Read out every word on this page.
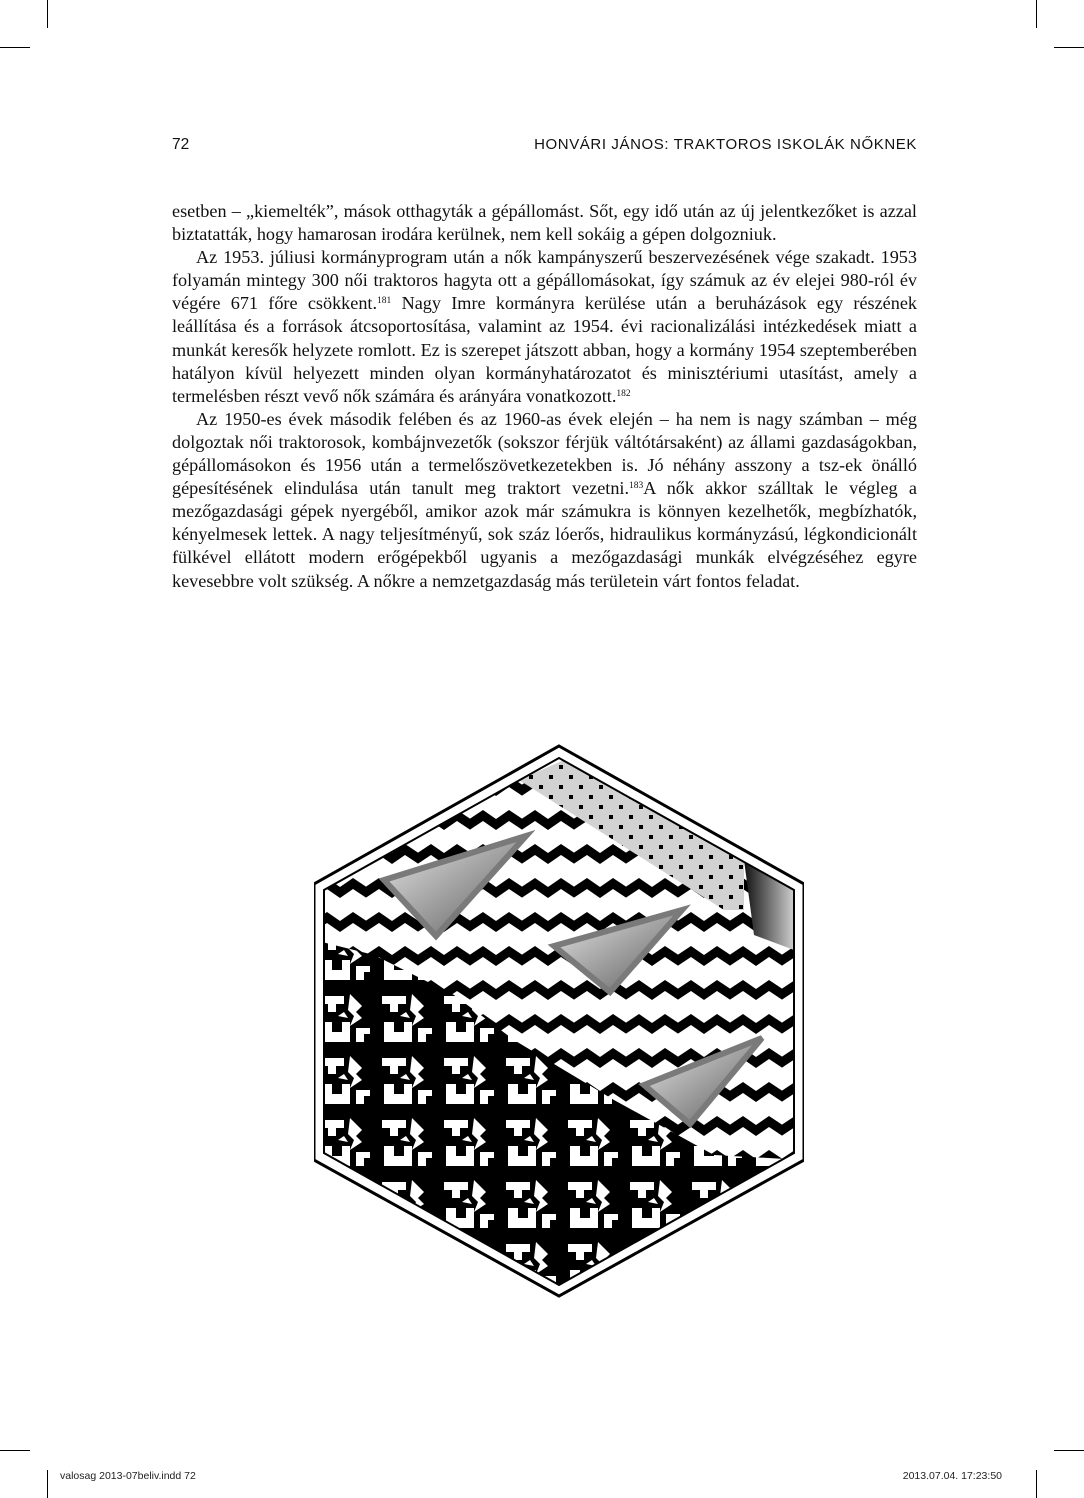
72	HONVÁRI JÁNOS: TRAKTOROS ISKOLÁK NŐKNEK

esetben – „kiemelték”, mások otthagyták a gépállomást. Sőt, egy idő után az új jelentkezőket is azzal biztatatták, hogy hamarosan irodára kerülnek, nem kell sokáig a gépen dolgozniuk.

Az 1953. júliusi kormányprogram után a nők kampányszerű beszervezésének vége szakadt. 1953 folyamán mintegy 300 női traktoros hagyta ott a gépállomásokat, így számuk az év elejei 980-ról év végére 671 főre csökkent.$^{181}$ Nagy Imre kormányra kerülése után a beruházások egy részének leállítása és a források átcsoportosítása, valamint az 1954. évi racionalizálási intézkedések miatt a munkát keresők helyzete romlott. Ez is szerepet játszott abban, hogy a kormány 1954 szeptemberében hatályon kívül helyezett minden olyan kormányhatározatot és minisztériumi utasítást, amely a termelésben részt vevő nők számára és arányára vonatkozott.$^{182}$

Az 1950-es évek második felében és az 1960-as évek elején – ha nem is nagy számban – még dolgoztak női traktorosok, kombájnvezetők (sokszor férjük váltótársaként) az állami gazdaságokban, gépállomásokon és 1956 után a termelőszövetkezetekben is. Jó néhány asszony a tsz-ek önálló gépesítésének elindulása után tanult meg traktort vezetni.$^{183}$A nők akkor szálltak le végleg a mezőgazdasági gépek nyergéből, amikor azok már számukra is könnyen kezelhetők, megbízhatók, kényelmesek lettek. A nagy teljesítményű, sok száz lóerős, hidraulikus kormányzású, légkondicionált fülkével ellátott modern erőgépekből ugyanis a mezőgazdasági munkák elvégzéséhez egyre kevesebbre volt szükség. A nőkre a nemzetgazdaság más területein várt fontos feladat.

valosag 2013-07beliv.indd 72	2013.07.04. 17:23:50
